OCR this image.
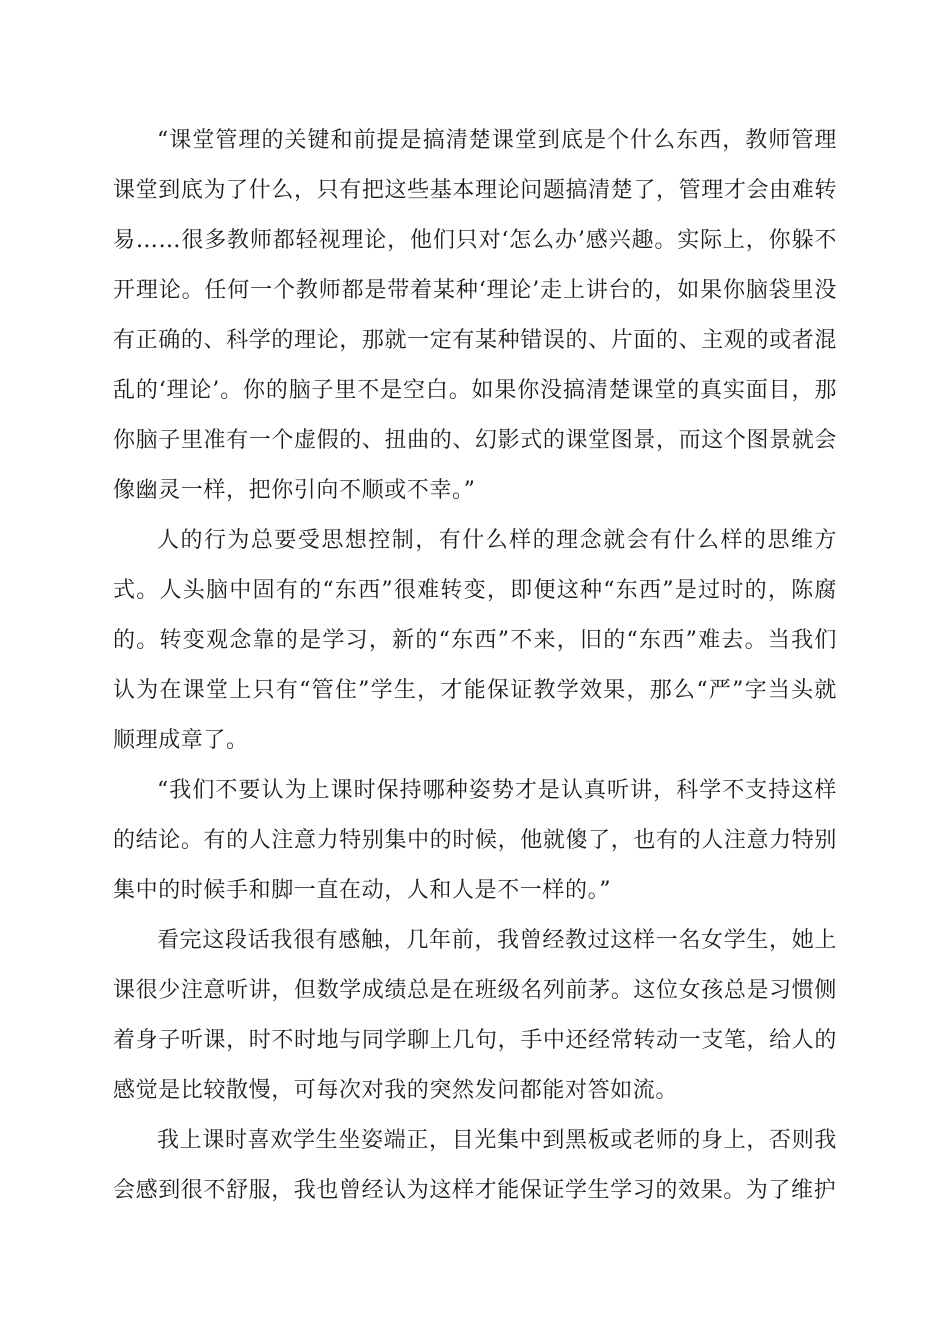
“课堂管理的关键和前提是搞清楚课堂到底是个什么东西，教师管理课堂到底为了什么，只有把这些基本理论问题搞清楚了，管理才会由难转易……很多教师都轻视理论，他们只对‘怎么办’感兴趣。实际上，你躲不开理论。任何一个教师都是带着某种‘理论’走上讲台的，如果你脑袋里没有正确的、科学的理论，那就一定有某种错误的、片面的、主观的或者混乱的‘理论’。你的脑子里不是空白。如果你没搞清楚课堂的真实面目，那你脑子里准有一个虚假的、扭曲的、幻影式的课堂图景，而这个图景就会像幽灵一样，把你引向不顺或不幸。”

人的行为总要受思想控制，有什么样的理念就会有什么样的思维方式。人头脑中固有的“东西”很难转变，即便这种“东西”是过时的，陈腐的。转变观念靠的是学习，新的“东西”不来，旧的“东西”难去。当我们认为在课堂上只有“管住”学生，才能保证教学效果，那么“严”字当头就顺理成章了。

“我们不要认为上课时保持哪种姿势才是认真听讲，科学不支持这样的结论。有的人注意力特别集中的时候，他就傻了，也有的人注意力特别集中的时候手和脚一直在动，人和人是不一样的。”

看完这段话我很有感触，几年前，我曾经教过这样一名女学生，她上课很少注意听讲，但数学成绩总是在班级名列前茅。这位女孩总是习惯侧着身子听课，时不时地与同学聊上几句，手中还经常转动一支笔，给人的感觉是比较散慢，可每次对我的突然发问都能对答如流。

我上课时喜欢学生坐姿端正，目光集中到黑板或老师的身上，否则我会感到很不舒服，我也曾经认为这样才能保证学生学习的效果。为了维护
